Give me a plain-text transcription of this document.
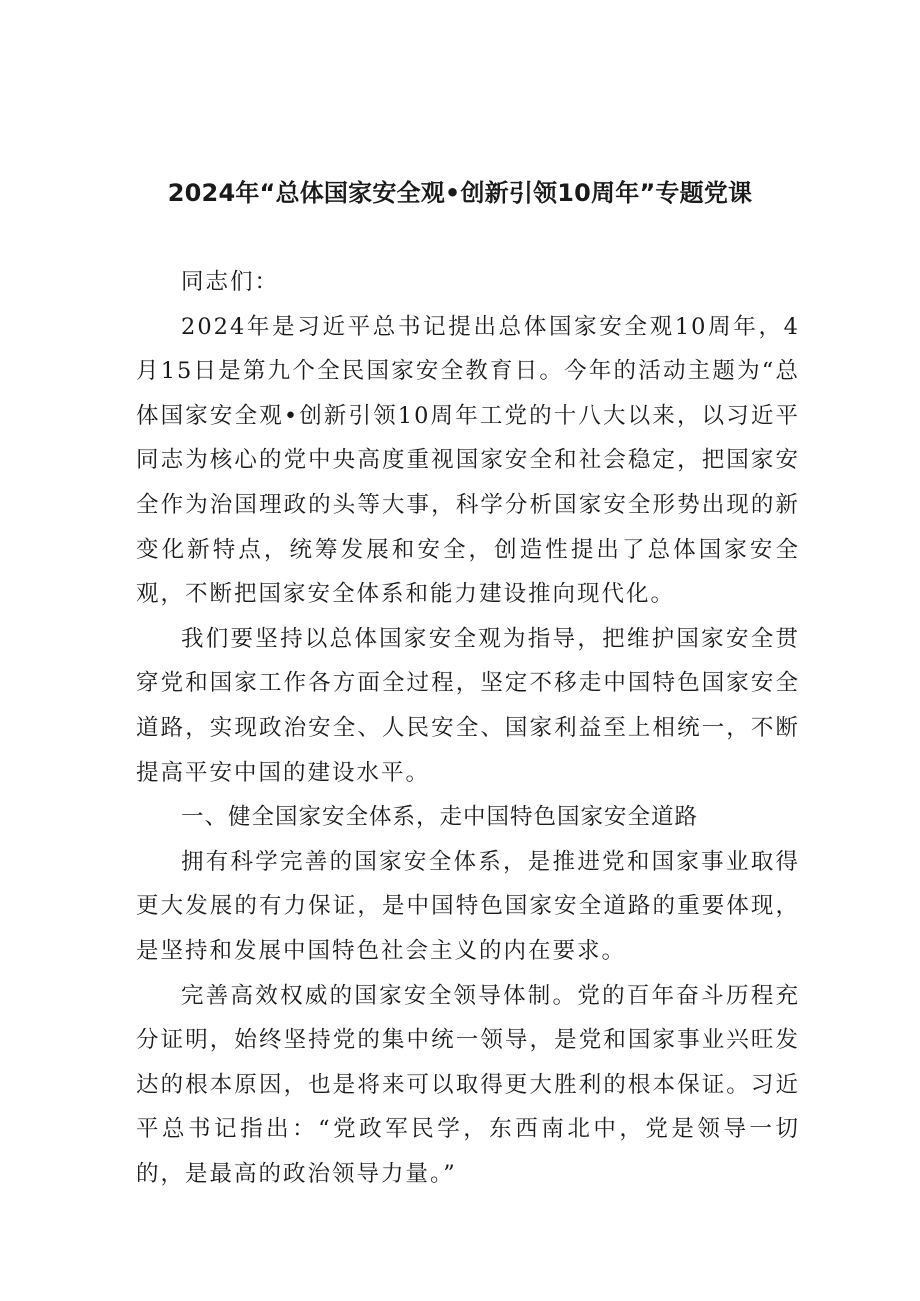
2024年“总体国家安全观•创新引领10周年”专题党课

同志们：

2024年是习近平总书记提出总体国家安全观10周年，4月15日是第九个全民国家安全教育日。今年的活动主题为“总体国家安全观•创新引领10周年工党的十八大以来，以习近平同志为核心的党中央高度重视国家安全和社会稳定，把国家安全作为治国理政的头等大事，科学分析国家安全形势出现的新变化新特点，统筹发展和安全，创造性提出了总体国家安全观，不断把国家安全体系和能力建设推向现代化。

我们要坚持以总体国家安全观为指导，把维护国家安全贯穿党和国家工作各方面全过程，坚定不移走中国特色国家安全道路，实现政治安全、人民安全、国家利益至上相统一，不断提高平安中国的建设水平。

一、健全国家安全体系，走中国特色国家安全道路

拥有科学完善的国家安全体系，是推进党和国家事业取得更大发展的有力保证，是中国特色国家安全道路的重要体现，是坚持和发展中国特色社会主义的内在要求。

完善高效权威的国家安全领导体制。党的百年奋斗历程充分证明，始终坚持党的集中统一领导，是党和国家事业兴旺发达的根本原因，也是将来可以取得更大胜利的根本保证。习近平总书记指出：“党政军民学，东西南北中，党是领导一切的，是最高的政治领导力量。”
